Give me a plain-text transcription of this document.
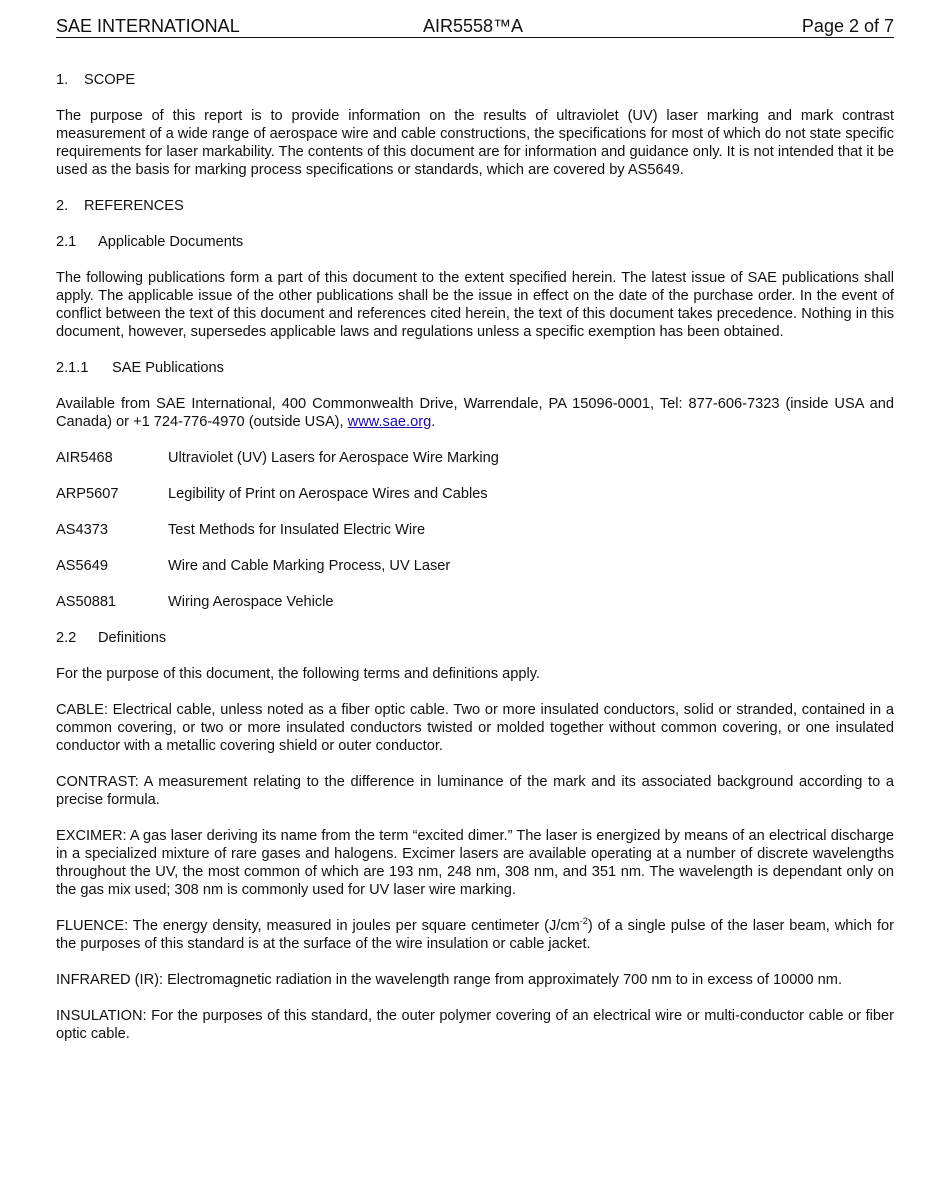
SAE INTERNATIONAL	AIR5558™A	Page 2 of 7

1. SCOPE

The purpose of this report is to provide information on the results of ultraviolet (UV) laser marking and mark contrast measurement of a wide range of aerospace wire and cable constructions, the specifications for most of which do not state specific requirements for laser markability. The contents of this document are for information and guidance only. It is not intended that it be used as the basis for marking process specifications or standards, which are covered by AS5649.

2. REFERENCES

2.1 Applicable Documents

The following publications form a part of this document to the extent specified herein. The latest issue of SAE publications shall apply. The applicable issue of the other publications shall be the issue in effect on the date of the purchase order. In the event of conflict between the text of this document and references cited herein, the text of this document takes precedence. Nothing in this document, however, supersedes applicable laws and regulations unless a specific exemption has been obtained.

2.1.1 SAE Publications

Available from SAE International, 400 Commonwealth Drive, Warrendale, PA 15096-0001, Tel: 877-606-7323 (inside USA and Canada) or +1 724-776-4970 (outside USA), www.sae.org.

AIR5468	Ultraviolet (UV) Lasers for Aerospace Wire Marking
ARP5607	Legibility of Print on Aerospace Wires and Cables
AS4373	Test Methods for Insulated Electric Wire
AS5649	Wire and Cable Marking Process, UV Laser
AS50881	Wiring Aerospace Vehicle

2.2 Definitions

For the purpose of this document, the following terms and definitions apply.

CABLE: Electrical cable, unless noted as a fiber optic cable. Two or more insulated conductors, solid or stranded, contained in a common covering, or two or more insulated conductors twisted or molded together without common covering, or one insulated conductor with a metallic covering shield or outer conductor.

CONTRAST: A measurement relating to the difference in luminance of the mark and its associated background according to a precise formula.

EXCIMER: A gas laser deriving its name from the term “excited dimer.” The laser is energized by means of an electrical discharge in a specialized mixture of rare gases and halogens. Excimer lasers are available operating at a number of discrete wavelengths throughout the UV, the most common of which are 193 nm, 248 nm, 308 nm, and 351 nm. The wavelength is dependant only on the gas mix used; 308 nm is commonly used for UV laser wire marking.

FLUENCE: The energy density, measured in joules per square centimeter $(J/cm^{-2})$ of a single pulse of the laser beam, which for the purposes of this standard is at the surface of the wire insulation or cable jacket.

INFRARED (IR): Electromagnetic radiation in the wavelength range from approximately 700 nm to in excess of 10000 nm.

INSULATION: For the purposes of this standard, the outer polymer covering of an electrical wire or multi-conductor cable or fiber optic cable.
